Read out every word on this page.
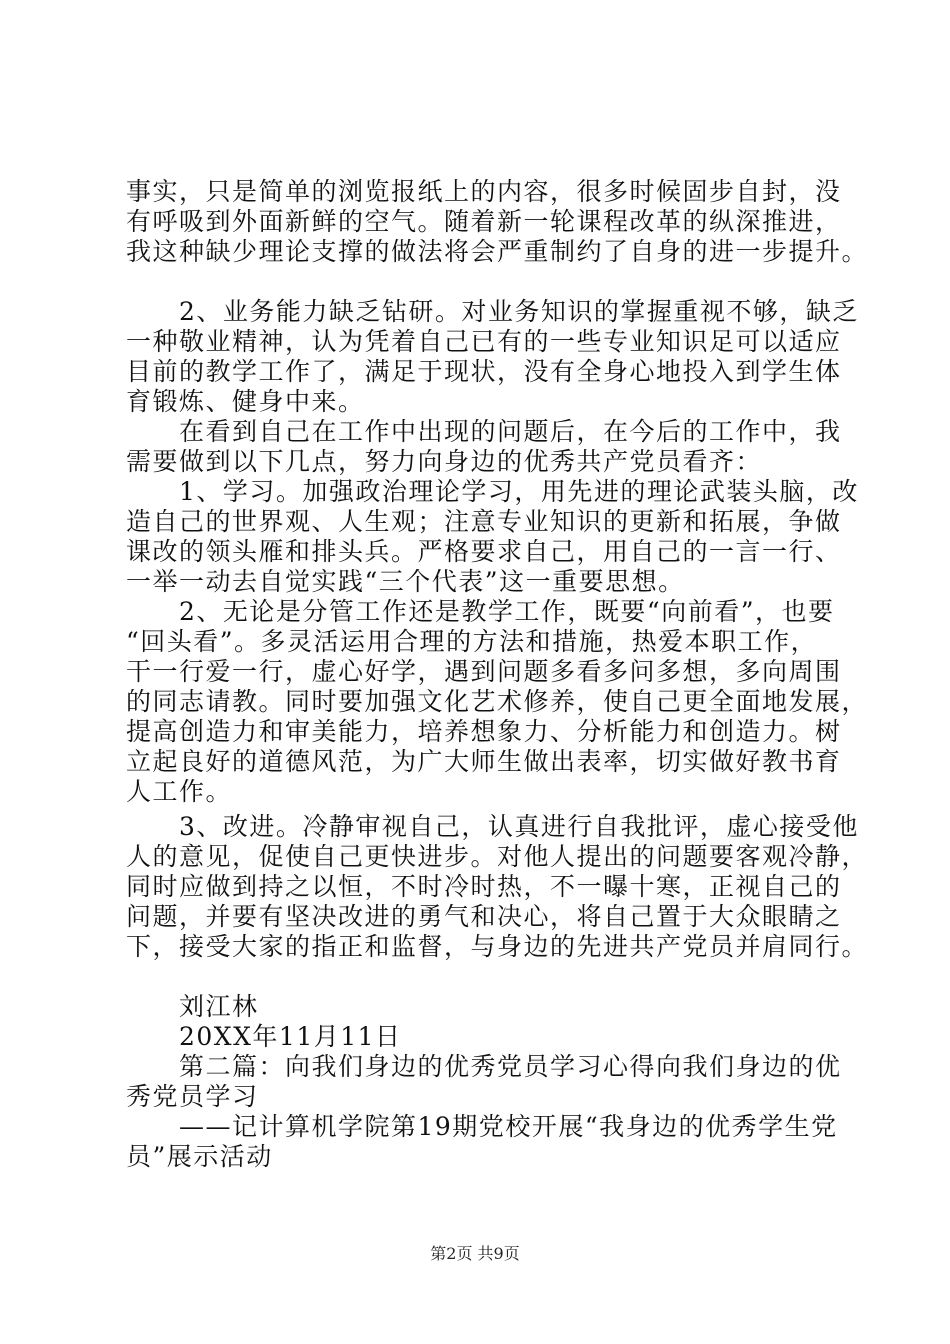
事实，只是简单的浏览报纸上的内容，很多时候固步自封，没
有呼吸到外面新鲜的空气。随着新一轮课程改革的纵深推进，
我这种缺少理论支撑的做法将会严重制约了自身的进一步提升。
　　2、业务能力缺乏钻研。对业务知识的掌握重视不够，缺乏
一种敬业精神，认为凭着自己已有的一些专业知识足可以适应
目前的教学工作了，满足于现状，没有全身心地投入到学生体
育锻炼、健身中来。
　　在看到自己在工作中出现的问题后，在今后的工作中，我
需要做到以下几点，努力向身边的优秀共产党员看齐：
　　1、学习。加强政治理论学习，用先进的理论武装头脑，改
造自己的世界观、人生观；注意专业知识的更新和拓展，争做
课改的领头雁和排头兵。严格要求自己，用自己的一言一行、
一举一动去自觉实践“三个代表”这一重要思想。
　　2、无论是分管工作还是教学工作，既要“向前看”，也要
“回头看”。多灵活运用合理的方法和措施，热爱本职工作，
干一行爱一行，虚心好学，遇到问题多看多问多想，多向周围
的同志请教。同时要加强文化艺术修养，使自己更全面地发展，
提高创造力和审美能力，培养想象力、分析能力和创造力。树
立起良好的道德风范，为广大师生做出表率，切实做好教书育
人工作。
　　3、改进。冷静审视自己，认真进行自我批评，虚心接受他
人的意见，促使自己更快进步。对他人提出的问题要客观冷静，
同时应做到持之以恒，不时冷时热，不一曝十寒，正视自己的
问题，并要有坚决改进的勇气和决心，将自己置于大众眼睛之
下，接受大家的指正和监督，与身边的先进共产党员并肩同行。
　　刘江林
　　20XX年11月11日
　　第二篇：向我们身边的优秀党员学习心得向我们身边的优
秀党员学习
　　——记计算机学院第19期党校开展“我身边的优秀学生党
员”展示活动
第2页 共9页
